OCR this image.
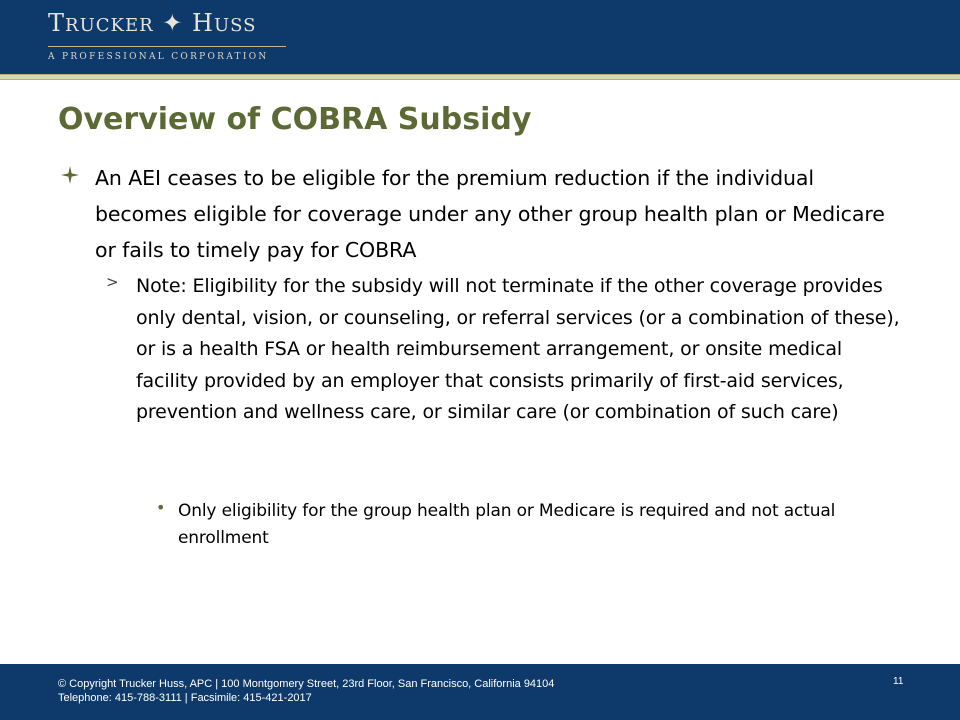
TRUCKER ✦ HUSS
A PROFESSIONAL CORPORATION
Overview of COBRA Subsidy
An AEI ceases to be eligible for the premium reduction if the individual becomes eligible for coverage under any other group health plan or Medicare or fails to timely pay for COBRA
> Note: Eligibility for the subsidy will not terminate if the other coverage provides only dental, vision, or counseling, or referral services (or a combination of these), or is a health FSA or health reimbursement arrangement, or onsite medical facility provided by an employer that consists primarily of first-aid services, prevention and wellness care, or similar care (or combination of such care)
• Only eligibility for the group health plan or Medicare is required and not actual enrollment
© Copyright Trucker Huss, APC | 100 Montgomery Street, 23rd Floor, San Francisco, California 94104
Telephone: 415-788-3111 | Facsimile: 415-421-2017
11
